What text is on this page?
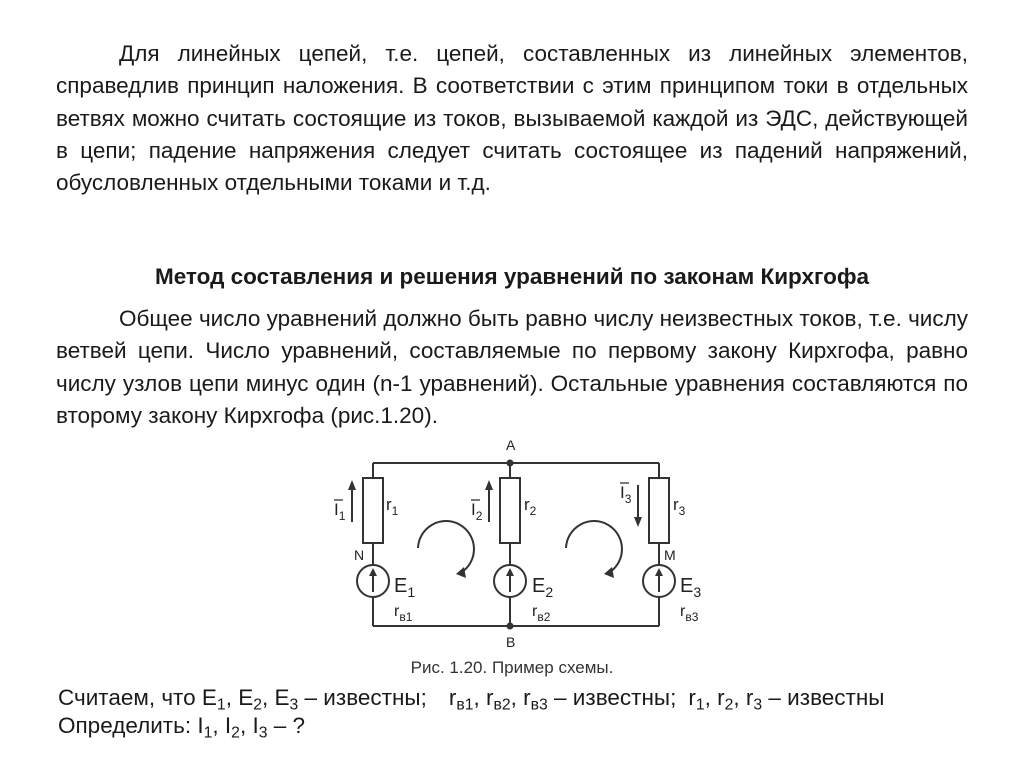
Для линейных цепей, т.е. цепей, составленных из линейных элементов, справедлив принцип наложения. В соответствии с этим принципом токи в отдельных ветвях можно считать состоящие из токов, вызываемой каждой из ЭДС, действующей в цепи; падение напряжения следует считать состоящее из падений напряжений, обусловленных отдельными токами и т.д.

Метод составления и решения уравнений по законам Кирхгофа

Общее число уравнений должно быть равно числу неизвестных токов, т.е. числу ветвей цепи. Число уравнений, составляемые по первому закону Кирхгофа, равно числу узлов цепи минус один (n-1 уравнений). Остальные уравнения составляются по второму закону Кирхгофа (рис.1.20).

A
B
N	M
$r_1$
$I_1$
$E_1$
$r_{в1}$
$r_2$
$I_2$
$E_2$
$r_{в2}$
$r_3$
$I_3$
$E_3$
$r_{в3}$

Рис. 1.20. Пример схемы.

Считаем, что $E_1$, $E_2$, $E_3$ – известны; $r_{в1}$, $r_{в2}$, $r_{в3}$ – известны; $r_1$, $r_2$, $r_3$ – известны

Определить: $I_1$, $I_2$, $I_3$ – ?
